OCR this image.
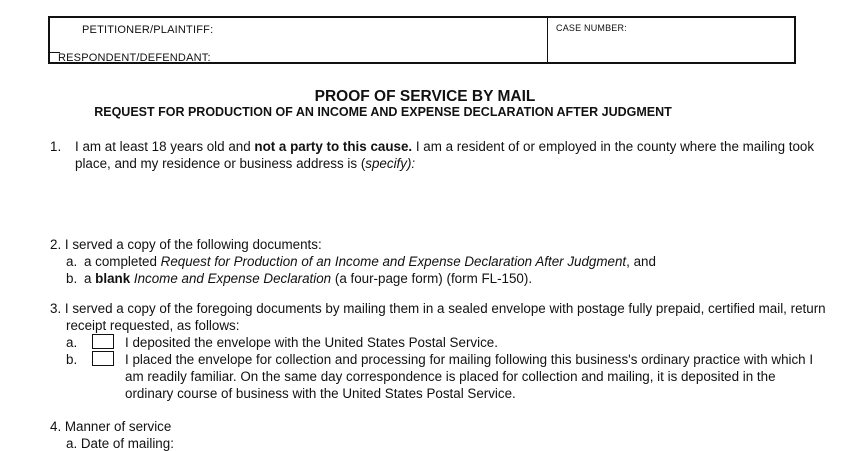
PETITIONER/PLAINTIFF:
RESPONDENT/DEFENDANT:
CASE NUMBER:
PROOF OF SERVICE BY MAIL
REQUEST FOR PRODUCTION OF AN INCOME AND EXPENSE DECLARATION AFTER JUDGMENT
1. I am at least 18 years old and not a party to this cause. I am a resident of or employed in the county where the mailing took
place, and my residence or business address is (specify):
2. I served a copy of the following documents:
a. a completed Request for Production of an Income and Expense Declaration After Judgment, and
b. a blank Income and Expense Declaration (a four-page form) (form FL-150).
3. I served a copy of the foregoing documents by mailing them in a sealed envelope with postage fully prepaid, certified mail, return
receipt requested, as follows:
a.	I deposited the envelope with the United States Postal Service.
b.	I placed the envelope for collection and processing for mailing following this business's ordinary practice with which I
am readily familiar. On the same day correspondence is placed for collection and mailing, it is deposited in the
ordinary course of business with the United States Postal Service.
4. Manner of service
a. Date of mailing:
